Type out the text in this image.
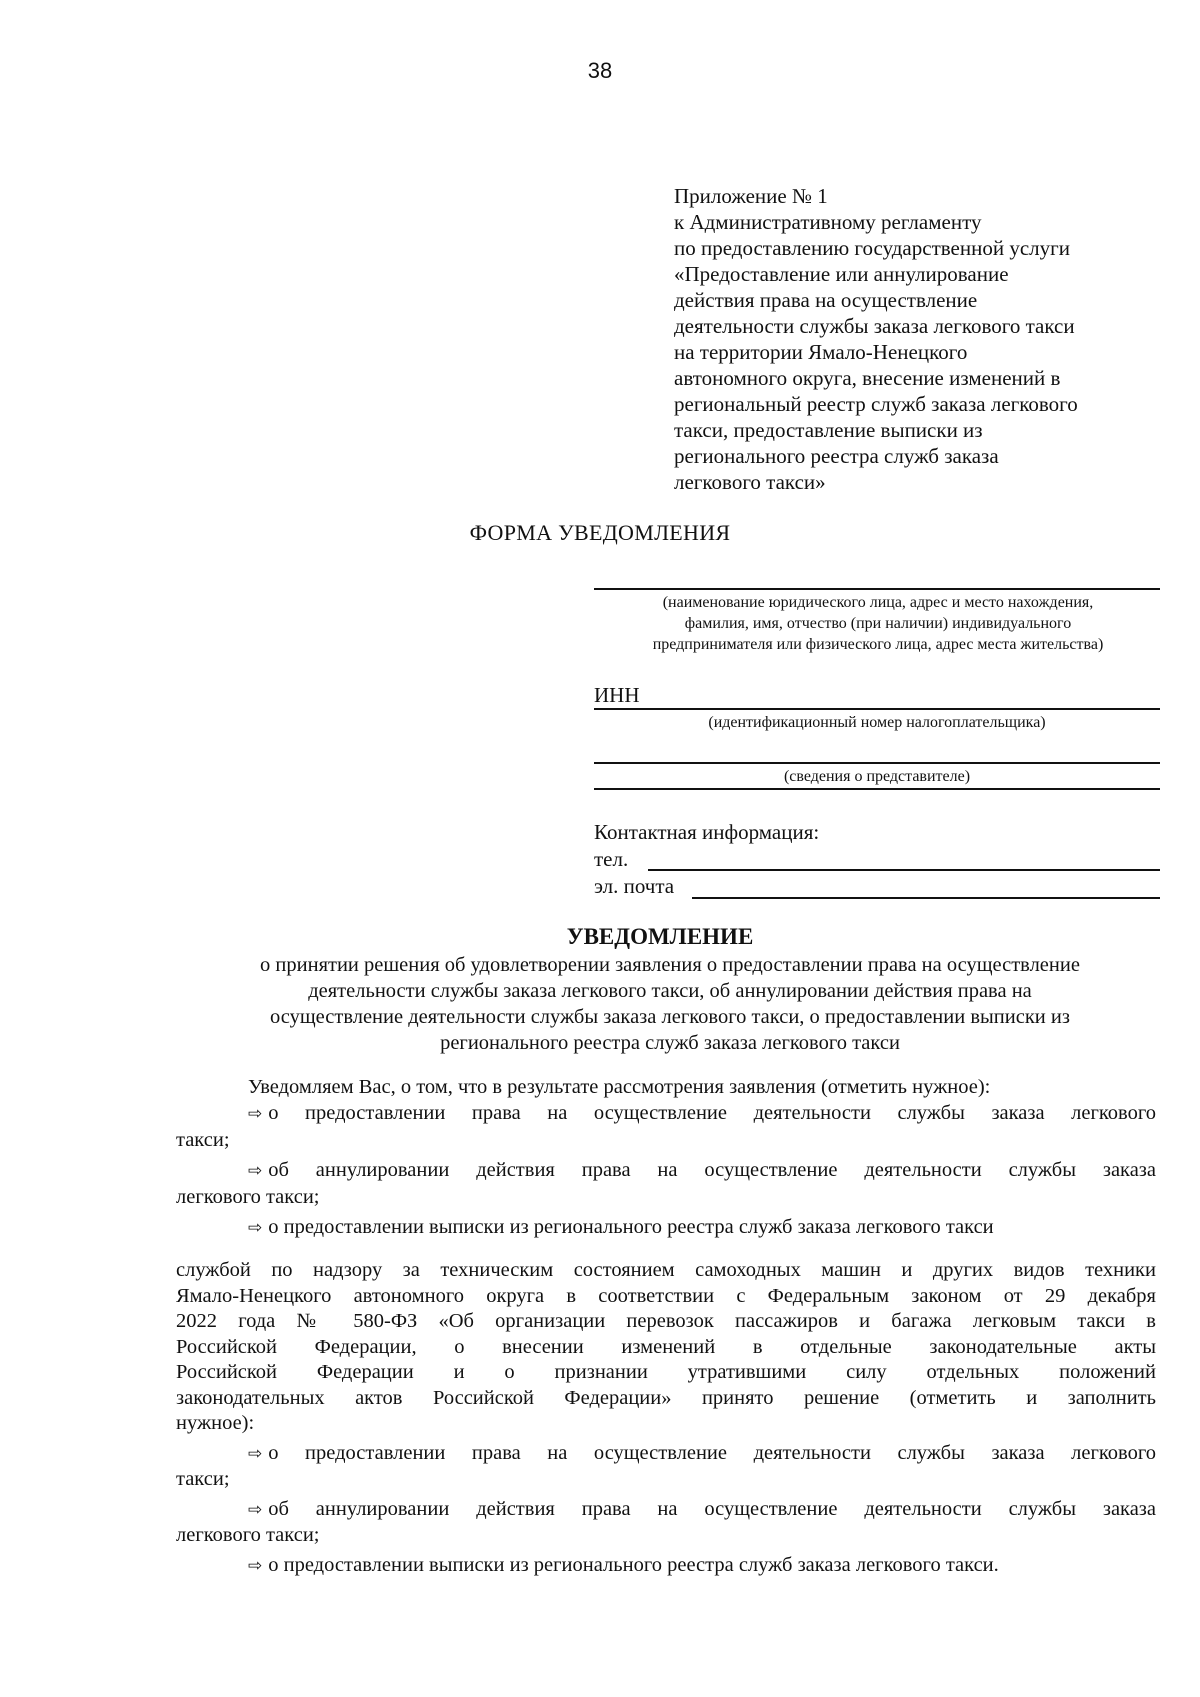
38
Приложение № 1
к Административному регламенту
по предоставлению государственной услуги
«Предоставление или аннулирование
действия права на осуществление
деятельности службы заказа легкового такси
на территории Ямало-Ненецкого
автономного округа, внесение изменений в
региональный реестр служб заказа легкового
такси, предоставление выписки из
регионального реестра служб заказа
легкового такси»
ФОРМА УВЕДОМЛЕНИЯ
(наименование юридического лица, адрес и место нахождения,
фамилия, имя, отчество (при наличии) индивидуального
предпринимателя или физического лица, адрес места жительства)
ИНН
(идентификационный номер налогоплательщика)
(сведения о представителе)
Контактная информация:
тел.
эл. почта
УВЕДОМЛЕНИЕ
о принятии решения об удовлетворении заявления о предоставлении права на осуществление
деятельности службы заказа легкового такси, об аннулировании действия права на
осуществление деятельности службы заказа легкового такси, о предоставлении выписки из
регионального реестра служб заказа легкового такси
Уведомляем Вас, о том, что в результате рассмотрения заявления (отметить нужное):
⇨ о предоставлении права на осуществление деятельности службы заказа легкового
такси;
⇨ об аннулировании действия права на осуществление деятельности службы заказа
легкового такси;
⇨ о предоставлении выписки из регионального реестра служб заказа легкового такси
службой по надзору за техническим состоянием самоходных машин и других видов техники
Ямало-Ненецкого автономного округа в соответствии с Федеральным законом от 29 декабря
2022 года № 580-ФЗ «Об организации перевозок пассажиров и багажа легковым такси в
Российской Федерации, о внесении изменений в отдельные законодательные акты
Российской Федерации и о признании утратившими силу отдельных положений
законодательных актов Российской Федерации» принято решение (отметить и заполнить
нужное):
⇨ о предоставлении права на осуществление деятельности службы заказа легкового
такси;
⇨ об аннулировании действия права на осуществление деятельности службы заказа
легкового такси;
⇨ о предоставлении выписки из регионального реестра служб заказа легкового такси.
